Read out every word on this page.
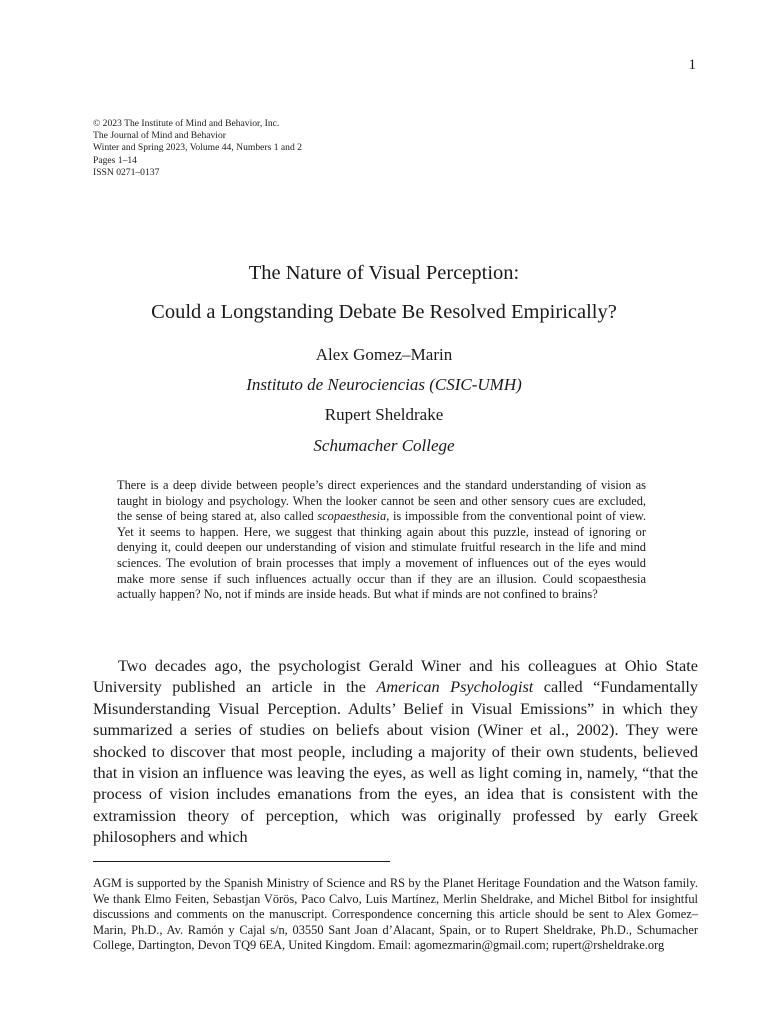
1
© 2023 The Institute of Mind and Behavior, Inc.
The Journal of Mind and Behavior
Winter and Spring 2023, Volume 44, Numbers 1 and 2
Pages 1–14
ISSN 0271–0137
The Nature of Visual Perception:
Could a Longstanding Debate Be Resolved Empirically?
Alex Gomez–Marin
Instituto de Neurociencias (CSIC-UMH)
Rupert Sheldrake
Schumacher College
There is a deep divide between people’s direct experiences and the standard understanding of vision as taught in biology and psychology. When the looker cannot be seen and other sensory cues are excluded, the sense of being stared at, also called scopaesthesia, is impossible from the conventional point of view. Yet it seems to happen. Here, we suggest that thinking again about this puzzle, instead of ignoring or denying it, could deepen our understanding of vision and stimulate fruitful research in the life and mind sciences. The evolution of brain processes that imply a movement of influences out of the eyes would make more sense if such influences actually occur than if they are an illusion. Could scopaesthesia actually happen? No, not if minds are inside heads. But what if minds are not confined to brains?
Two decades ago, the psychologist Gerald Winer and his colleagues at Ohio State University published an article in the American Psychologist called “Fundamentally Misunderstanding Visual Perception. Adults’ Belief in Visual Emissions” in which they summarized a series of studies on beliefs about vision (Winer et al., 2002). They were shocked to discover that most people, including a majority of their own students, believed that in vision an influence was leaving the eyes, as well as light coming in, namely, “that the process of vision includes emanations from the eyes, an idea that is consistent with the extramission theory of perception, which was originally professed by early Greek philosophers and which
AGM is supported by the Spanish Ministry of Science and RS by the Planet Heritage Foundation and the Watson family. We thank Elmo Feiten, Sebastjan Vörös, Paco Calvo, Luis Martínez, Merlin Sheldrake, and Michel Bitbol for insightful discussions and comments on the manuscript. Correspondence concerning this article should be sent to Alex Gomez–Marin, Ph.D., Av. Ramón y Cajal s/n, 03550 Sant Joan d’Alacant, Spain, or to Rupert Sheldrake, Ph.D., Schumacher College, Dartington, Devon TQ9 6EA, United Kingdom. Email: agomezmarin@gmail.com; rupert@rsheldrake.org
